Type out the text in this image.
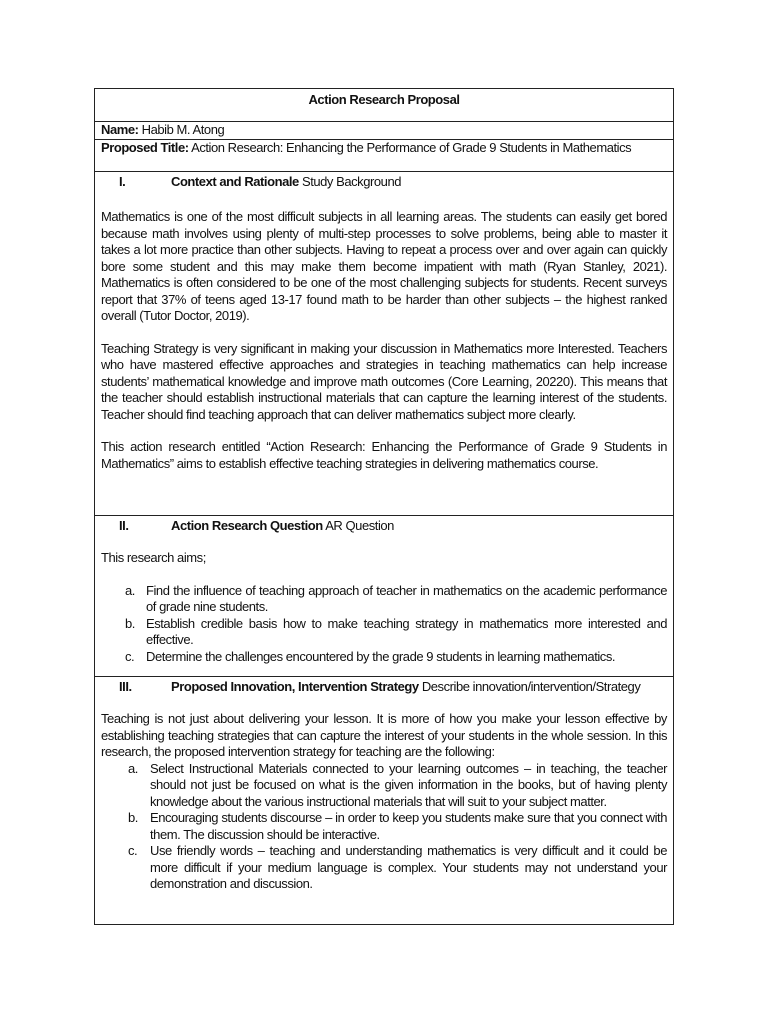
Action Research Proposal
Name: Habib M. Atong
Proposed Title: Action Research: Enhancing the Performance of Grade 9 Students in Mathematics
I.	Context and Rationale Study Background

Mathematics is one of the most difficult subjects in all learning areas. The students can easily get bored because math involves using plenty of multi-step processes to solve problems, being able to master it takes a lot more practice than other subjects. Having to repeat a process over and over again can quickly bore some student and this may make them become impatient with math (Ryan Stanley, 2021). Mathematics is often considered to be one of the most challenging subjects for students. Recent surveys report that 37% of teens aged 13-17 found math to be harder than other subjects – the highest ranked overall (Tutor Doctor, 2019).

Teaching Strategy is very significant in making your discussion in Mathematics more Interested. Teachers who have mastered effective approaches and strategies in teaching mathematics can help increase students’ mathematical knowledge and improve math outcomes (Core Learning, 20220). This means that the teacher should establish instructional materials that can capture the learning interest of the students. Teacher should find teaching approach that can deliver mathematics subject more clearly.

This action research entitled “Action Research: Enhancing the Performance of Grade 9 Students in Mathematics” aims to establish effective teaching strategies in delivering mathematics course.

II.	Action Research Question AR Question

This research aims;

a. Find the influence of teaching approach of teacher in mathematics on the academic performance of grade nine students.
b. Establish credible basis how to make teaching strategy in mathematics more interested and effective.
c. Determine the challenges encountered by the grade 9 students in learning mathematics.
III.	Proposed Innovation, Intervention Strategy Describe innovation/intervention/Strategy

Teaching is not just about delivering your lesson. It is more of how you make your lesson effective by establishing teaching strategies that can capture the interest of your students in the whole session. In this research, the proposed intervention strategy for teaching are the following:

a. Select Instructional Materials connected to your learning outcomes – in teaching, the teacher should not just be focused on what is the given information in the books, but of having plenty knowledge about the various instructional materials that will suit to your subject matter.
b. Encouraging students discourse – in order to keep you students make sure that you connect with them. The discussion should be interactive.
c. Use friendly words – teaching and understanding mathematics is very difficult and it could be more difficult if your medium language is complex. Your students may not understand your demonstration and discussion.
